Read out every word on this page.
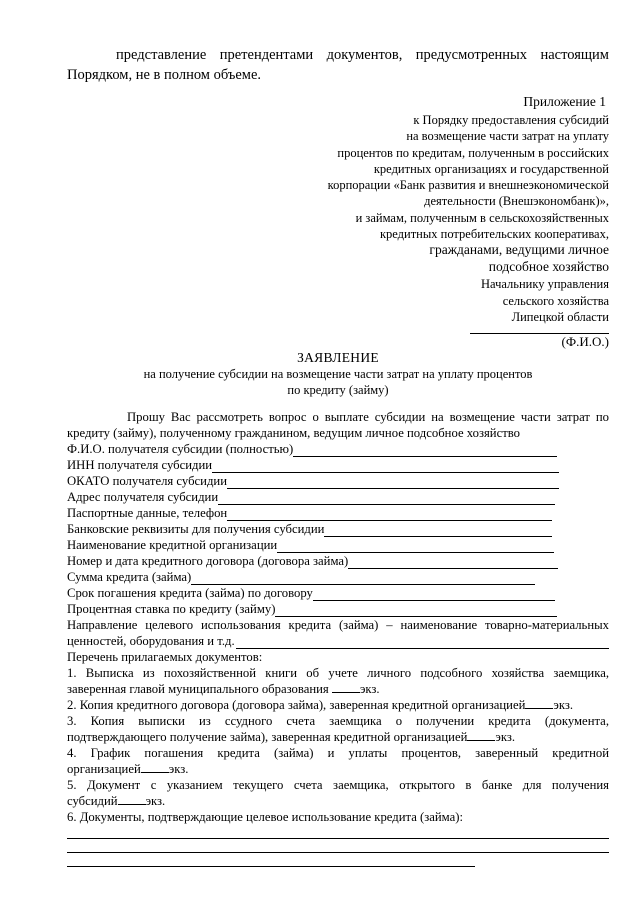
представление претендентами документов, предусмотренных настоящим
Порядком, не в полном объеме.
Приложение 1
к Порядку предоставления субсидий
на возмещение части затрат на уплату
процентов по кредитам, полученным в российских
кредитных организациях и государственной
корпорации «Банк развития и внешнеэкономической
деятельности (Внешэкономбанк)»,
и займам, полученным в сельскохозяйственных
кредитных потребительских кооперативах,
гражданами, ведущими личное
подсобное хозяйство
Начальнику управления
сельского хозяйства
Липецкой области
(Ф.И.О.)
ЗАЯВЛЕНИЕ
на получение субсидии на возмещение части затрат на уплату процентов
по кредиту (займу)
Прошу Вас рассмотреть вопрос о выплате субсидии на возмещение части затрат по
кредиту (займу), полученному гражданином, ведущим личное подсобное хозяйство
Ф.И.О. получателя субсидии (полностью)
ИНН получателя субсидии
ОКАТО получателя субсидии
Адрес получателя субсидии
Паспортные данные, телефон
Банковские реквизиты для получения субсидии
Наименование кредитной организации
Номер и дата кредитного договора (договора займа)
Сумма кредита (займа)
Срок погашения кредита (займа) по договору
Процентная ставка по кредиту (займу)
Направление целевого использования кредита (займа) – наименование товарно-материальных
ценностей, оборудования и т.д.
Перечень прилагаемых документов:
1. Выписка из похозяйственной книги об учете личного подсобного хозяйства заемщика,
заверенная главой муниципального образования экз.
2. Копия кредитного договора (договора займа), заверенная кредитной организацией экз.
3. Копия выписки из ссудного счета заемщика о получении кредита (документа,
подтверждающего получение займа), заверенная кредитной организацией экз.
4. График погашения кредита (займа) и уплаты процентов, заверенный кредитной
организацией экз.
5. Документ с указанием текущего счета заемщика, открытого в банке для получения
субсидий экз.
6. Документы, подтверждающие целевое использование кредита (займа):
